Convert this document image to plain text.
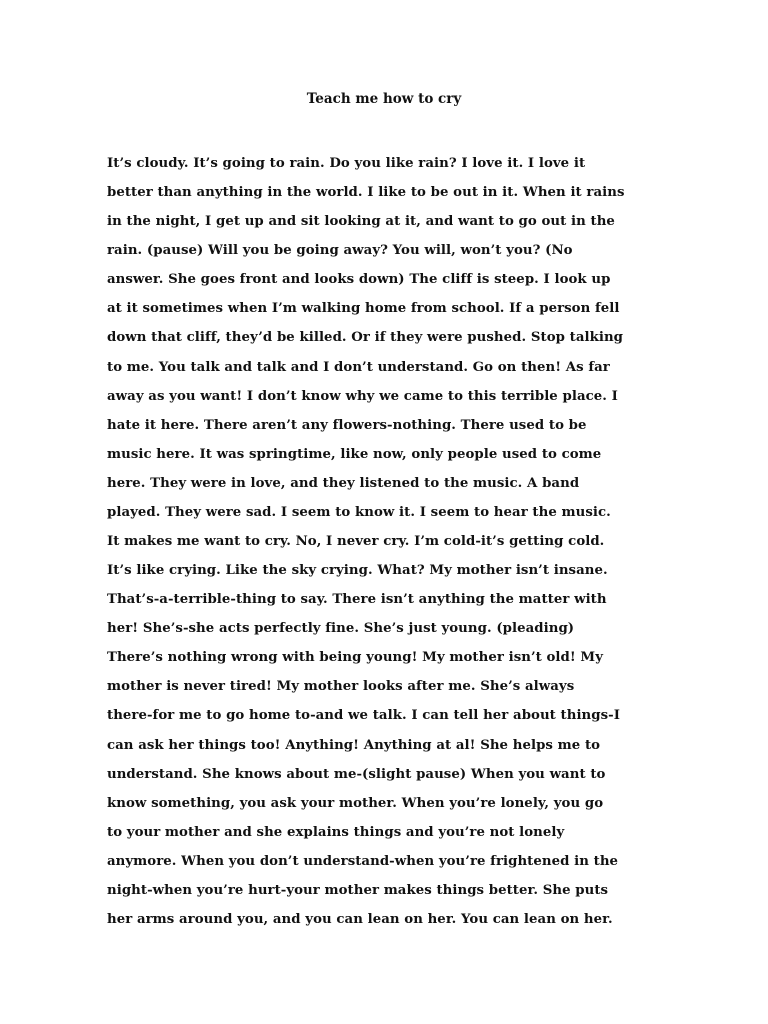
Teach me how to cry
It’s cloudy. It’s going to rain. Do you like rain? I love it. I love it
better than anything in the world. I like to be out in it. When it rains
in the night, I get up and sit looking at it, and want to go out in the
rain. (pause) Will you be going away? You will, won’t you? (No
answer. She goes front and looks down) The cliff is steep. I look up
at it sometimes when I’m walking home from school. If a person fell
down that cliff, they’d be killed. Or if they were pushed. Stop talking
to me. You talk and talk and I don’t understand. Go on then! As far
away as you want! I don’t know why we came to this terrible place. I
hate it here. There aren’t any flowers-nothing. There used to be
music here. It was springtime, like now, only people used to come
here. They were in love, and they listened to the music. A band
played. They were sad. I seem to know it. I seem to hear the music.
It makes me want to cry. No, I never cry. I’m cold-it’s getting cold.
It’s like crying. Like the sky crying. What? My mother isn’t insane.
That’s-a-terrible-thing to say. There isn’t anything the matter with
her! She’s-she acts perfectly fine. She’s just young. (pleading)
There’s nothing wrong with being young! My mother isn’t old! My
mother is never tired! My mother looks after me. She’s always
there-for me to go home to-and we talk. I can tell her about things-I
can ask her things too! Anything! Anything at al! She helps me to
understand. She knows about me-(slight pause) When you want to
know something, you ask your mother. When you’re lonely, you go
to your mother and she explains things and you’re not lonely
anymore. When you don’t understand-when you’re frightened in the
night-when you’re hurt-your mother makes things better. She puts
her arms around you, and you can lean on her. You can lean on her.
